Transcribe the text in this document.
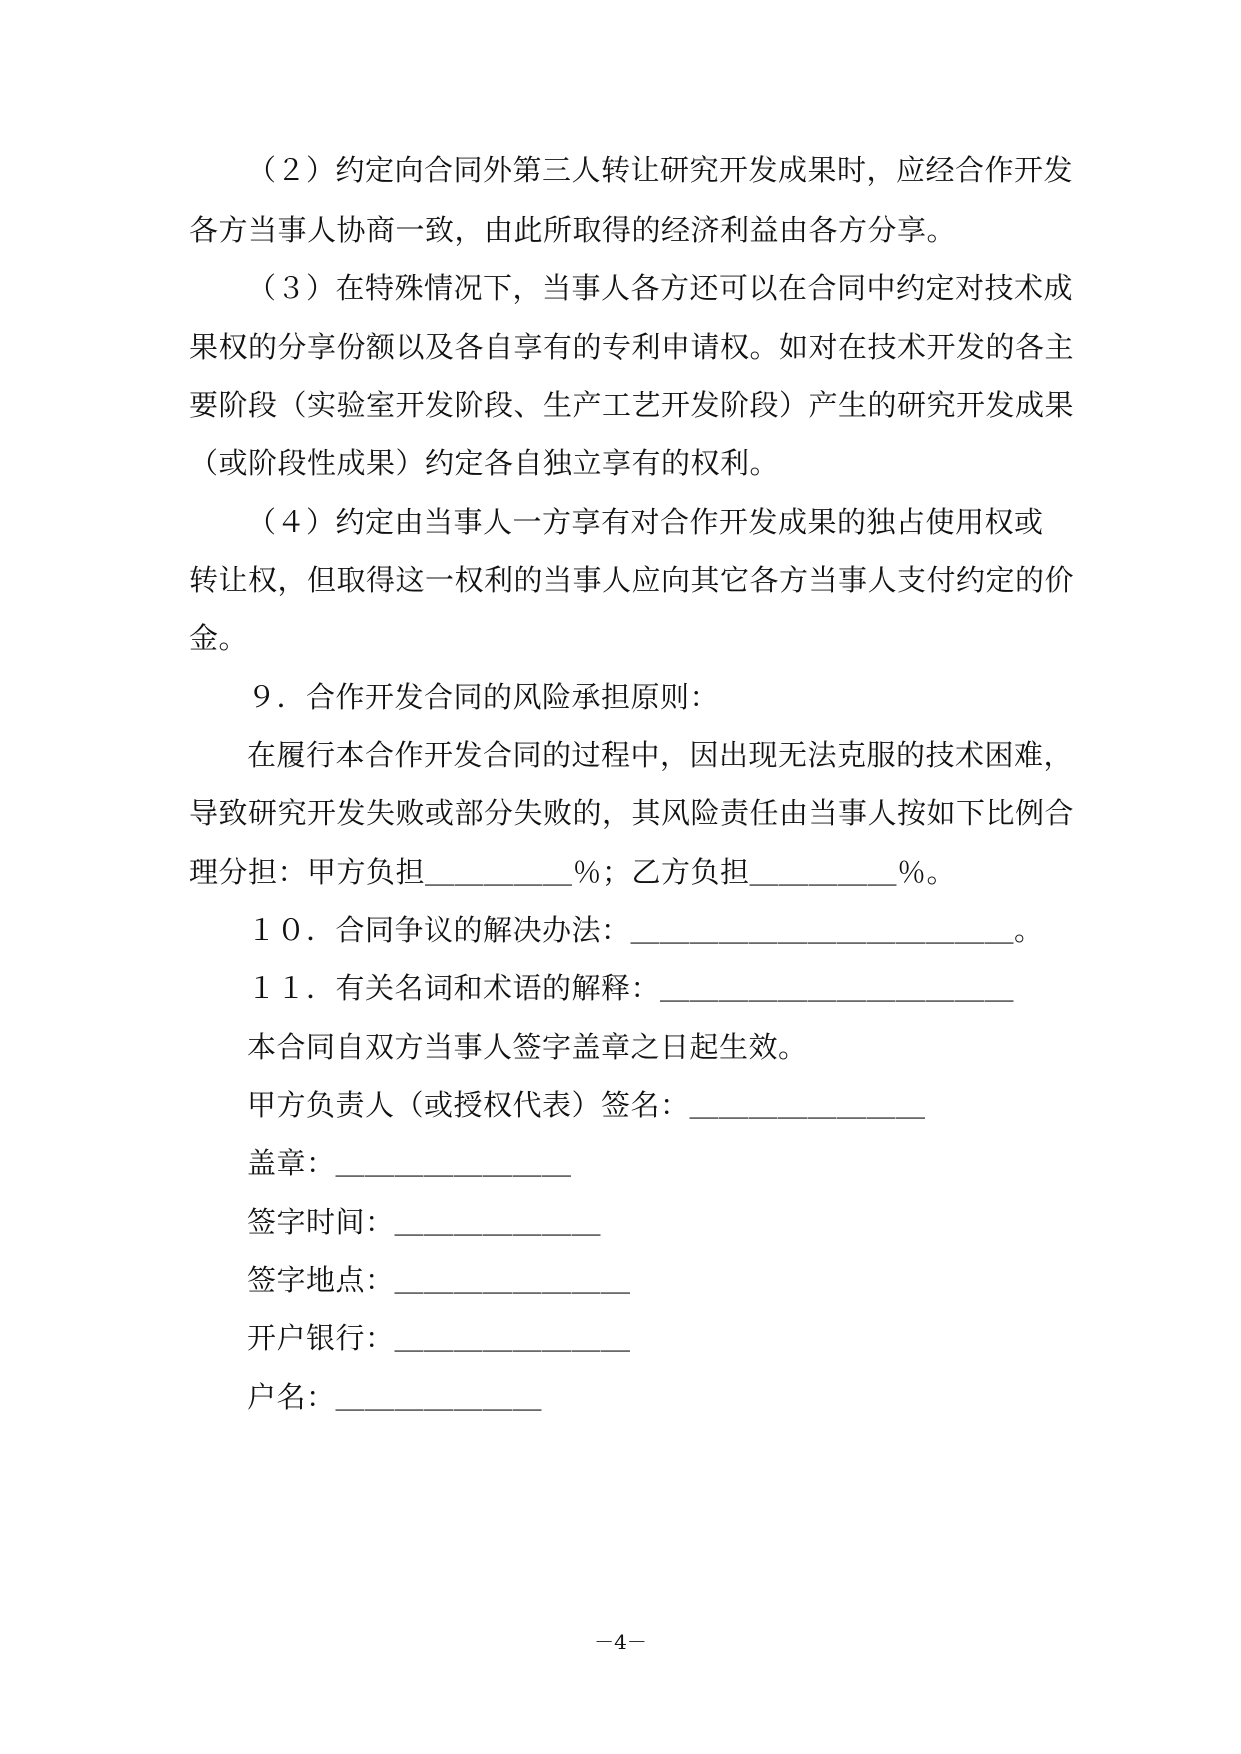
（２）约定向合同外第三人转让研究开发成果时，应经合作开发
各方当事人协商一致，由此所取得的经济利益由各方分享。
（３）在特殊情况下，当事人各方还可以在合同中约定对技术成
果权的分享份额以及各自享有的专利申请权。如对在技术开发的各主
要阶段（实验室开发阶段、生产工艺开发阶段）产生的研究开发成果
（或阶段性成果）约定各自独立享有的权利。
（４）约定由当事人一方享有对合作开发成果的独占使用权或
转让权，但取得这一权利的当事人应向其它各方当事人支付约定的价
金。
９．合作开发合同的风险承担原则：
在履行本合作开发合同的过程中，因出现无法克服的技术困难，
导致研究开发失败或部分失败的，其风险责任由当事人按如下比例合
理分担：甲方负担＿＿＿＿＿％；乙方负担＿＿＿＿＿％。
１０．合同争议的解决办法：＿＿＿＿＿＿＿＿＿＿＿＿＿。
１１．有关名词和术语的解释：＿＿＿＿＿＿＿＿＿＿＿＿
本合同自双方当事人签字盖章之日起生效。
甲方负责人（或授权代表）签名：＿＿＿＿＿＿＿＿
盖章：＿＿＿＿＿＿＿＿
签字时间：＿＿＿＿＿＿＿
签字地点：＿＿＿＿＿＿＿＿
开户银行：＿＿＿＿＿＿＿＿
户名：＿＿＿＿＿＿＿
－4－
